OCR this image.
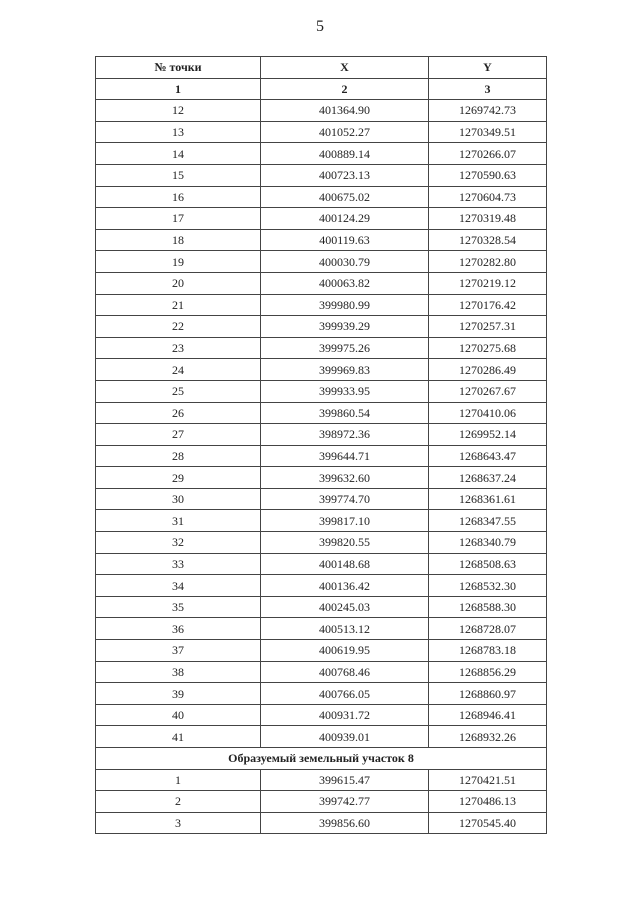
5
№ точки	X	Y
1	2	3
12	401364.90	1269742.73
13	401052.27	1270349.51
14	400889.14	1270266.07
15	400723.13	1270590.63
16	400675.02	1270604.73
17	400124.29	1270319.48
18	400119.63	1270328.54
19	400030.79	1270282.80
20	400063.82	1270219.12
21	399980.99	1270176.42
22	399939.29	1270257.31
23	399975.26	1270275.68
24	399969.83	1270286.49
25	399933.95	1270267.67
26	399860.54	1270410.06
27	398972.36	1269952.14
28	399644.71	1268643.47
29	399632.60	1268637.24
30	399774.70	1268361.61
31	399817.10	1268347.55
32	399820.55	1268340.79
33	400148.68	1268508.63
34	400136.42	1268532.30
35	400245.03	1268588.30
36	400513.12	1268728.07
37	400619.95	1268783.18
38	400768.46	1268856.29
39	400766.05	1268860.97
40	400931.72	1268946.41
41	400939.01	1268932.26
Образуемый земельный участок 8		
1	399615.47	1270421.51
2	399742.77	1270486.13
3	399856.60	1270545.40
